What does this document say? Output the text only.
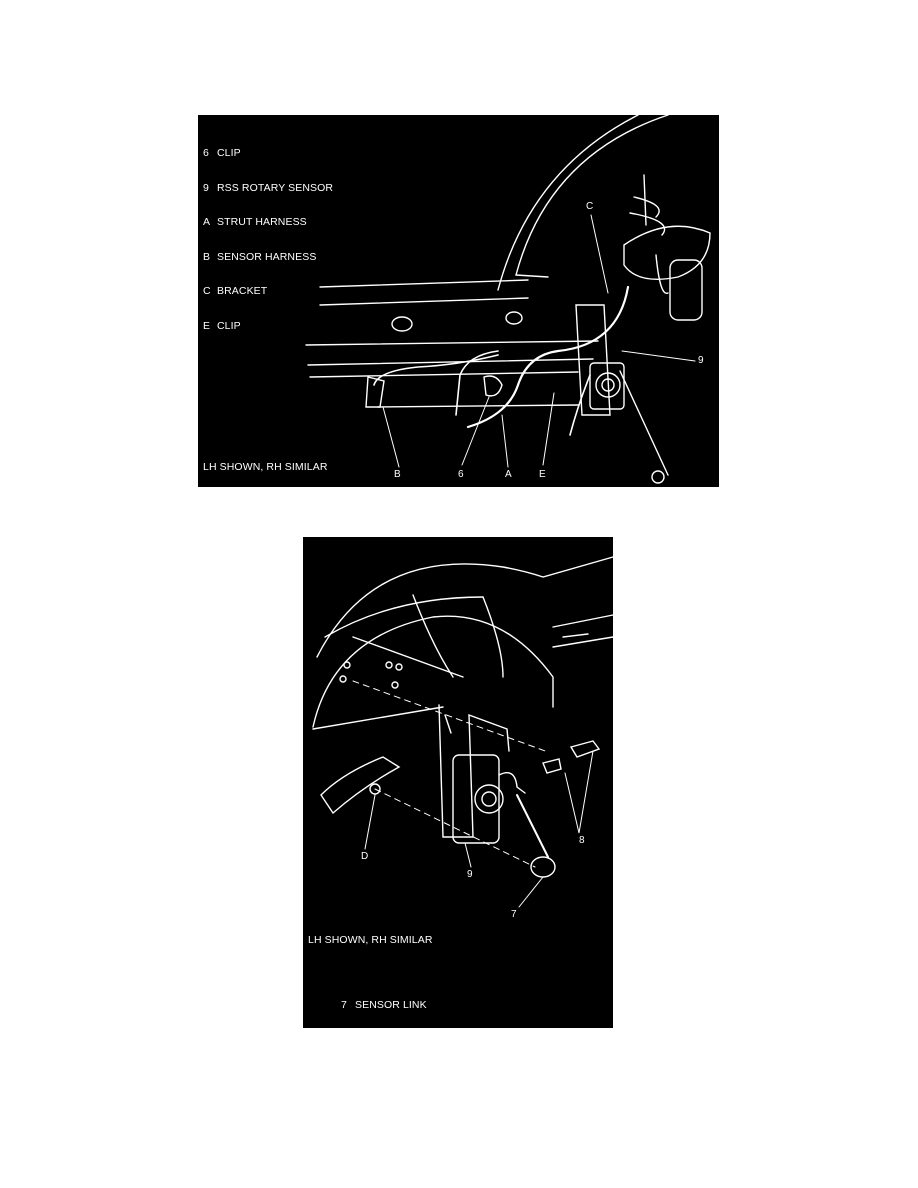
6 CLIP

9 RSS ROTARY SENSOR

A STRUT HARNESS

B SENSOR HARNESS

C BRACKET

E CLIP

C
9
B	6	A	E
LH SHOWN, RH SIMILAR
8
D
9
7
LH SHOWN, RH SIMILAR

7 SENSOR LINK

8 SCREW 10 N•m (7.4 lb. ft.)

9 RSS ROTARY SENSOR

D BALL STUD
